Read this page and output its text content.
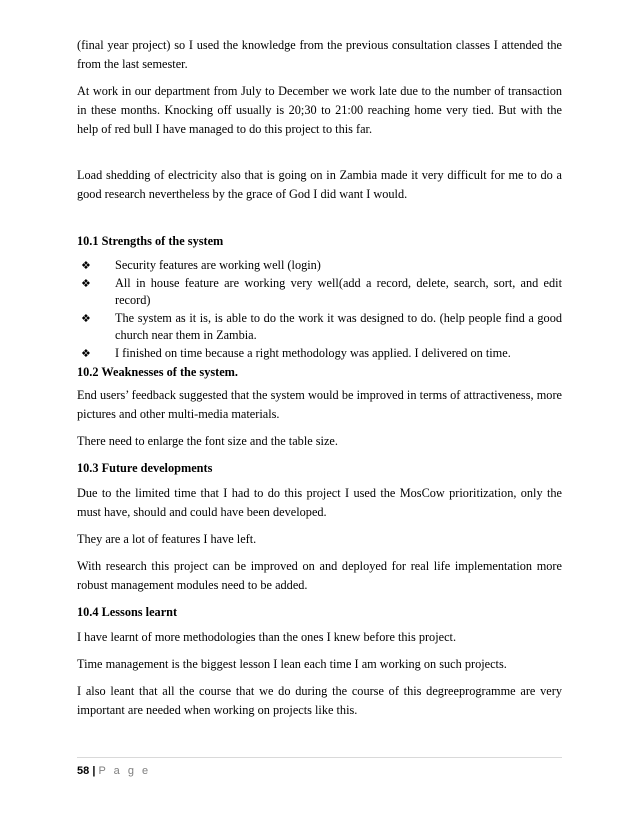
(final year project) so I used the knowledge from the previous consultation classes I attended the from the last semester.

At work in our department from July to December we work late due to the number of transaction in these months. Knocking off usually is 20;30 to 21:00 reaching home very tied. But with the help of red bull I have managed to do this project to this far.

Load shedding of electricity also that is going on in Zambia made it very difficult for me to do a good research nevertheless by the grace of God I did want I would.

10.1 Strengths of the system
❖ Security features are working well (login)
❖ All in house feature are working very well(add a record, delete, search, sort, and edit record)
❖ The system as it is, is able to do the work it was designed to do. (help people find a good church near them in Zambia.
❖ I finished on time because a right methodology was applied. I delivered on time.
10.2 Weaknesses of the system.

End users’ feedback suggested that the system would be improved in terms of attractiveness, more pictures and other multi-media materials.

There need to enlarge the font size and the table size.

10.3 Future developments

Due to the limited time that I had to do this project I used the MosCow prioritization, only the must have, should and could have been developed.

They are a lot of features I have left.

With research this project can be improved on and deployed for real life implementation more robust management modules need to be added.

10.4 Lessons learnt

I have learnt of more methodologies than the ones I knew before this project.

Time management is the biggest lesson I lean each time I am working on such projects.

I also leant that all the course that we do during the course of this degreeprogramme are very important are needed when working on projects like this.

58 | P a g e
